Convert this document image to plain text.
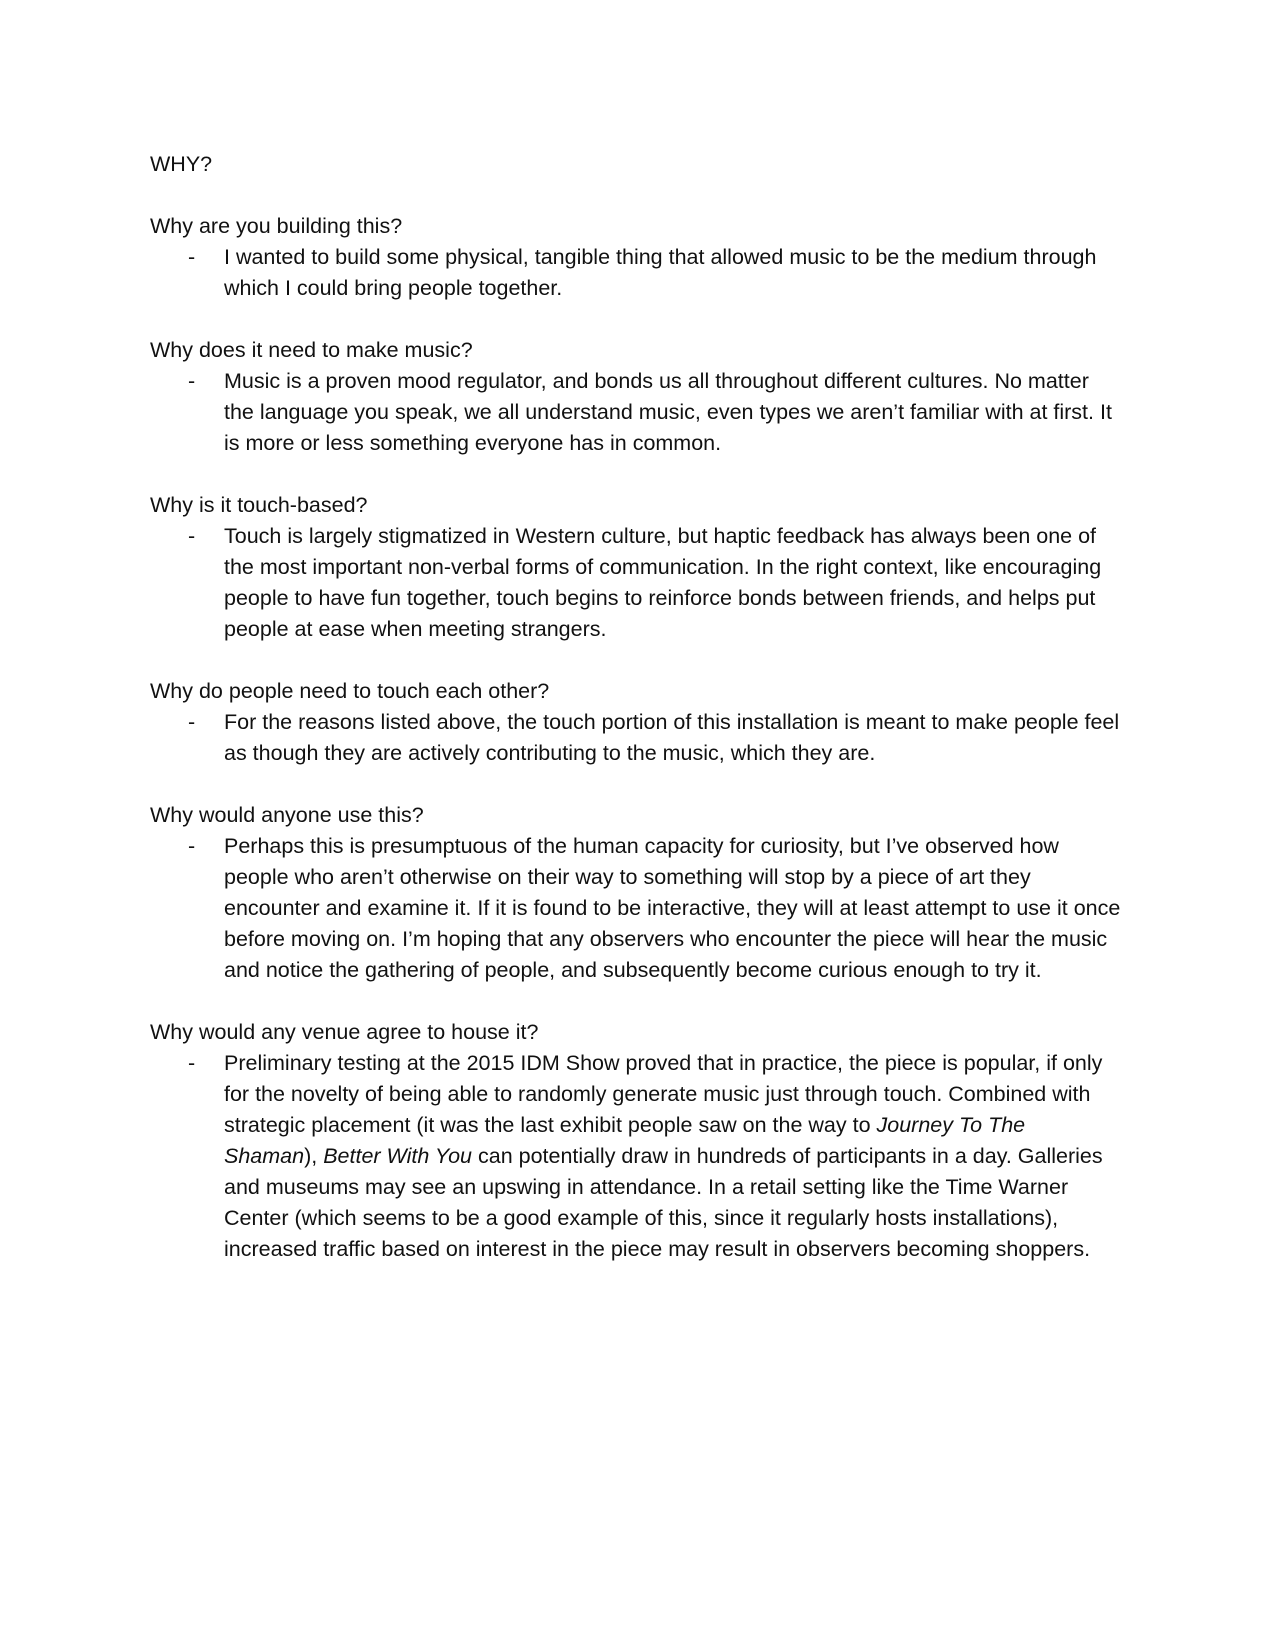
WHY?

Why are you building this?

- I wanted to build some physical, tangible thing that allowed music to be the medium through which I could bring people together.

Why does it need to make music?

- Music is a proven mood regulator, and bonds us all throughout different cultures. No matter the language you speak, we all understand music, even types we aren’t familiar with at first. It is more or less something everyone has in common.

Why is it touch-based?

- Touch is largely stigmatized in Western culture, but haptic feedback has always been one of the most important non-verbal forms of communication. In the right context, like encouraging people to have fun together, touch begins to reinforce bonds between friends, and helps put people at ease when meeting strangers.

Why do people need to touch each other?

- For the reasons listed above, the touch portion of this installation is meant to make people feel as though they are actively contributing to the music, which they are.

Why would anyone use this?

- Perhaps this is presumptuous of the human capacity for curiosity, but I’ve observed how people who aren’t otherwise on their way to something will stop by a piece of art they encounter and examine it. If it is found to be interactive, they will at least attempt to use it once before moving on. I’m hoping that any observers who encounter the piece will hear the music and notice the gathering of people, and subsequently become curious enough to try it.

Why would any venue agree to house it?

- Preliminary testing at the 2015 IDM Show proved that in practice, the piece is popular, if only for the novelty of being able to randomly generate music just through touch. Combined with strategic placement (it was the last exhibit people saw on the way to Journey To The Shaman), Better With You can potentially draw in hundreds of participants in a day. Galleries and museums may see an upswing in attendance. In a retail setting like the Time Warner Center (which seems to be a good example of this, since it regularly hosts installations), increased traffic based on interest in the piece may result in observers becoming shoppers.
